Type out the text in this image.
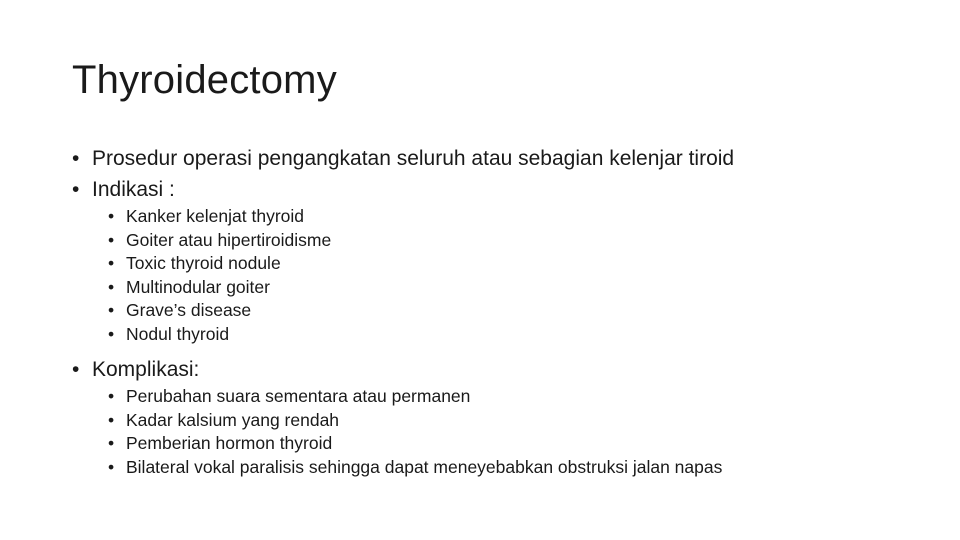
Thyroidectomy
• Prosedur operasi pengangkatan seluruh atau sebagian kelenjar tiroid
• Indikasi :
• Kanker kelenjat thyroid
• Goiter atau hipertiroidisme
• Toxic thyroid nodule
• Multinodular goiter
• Grave’s disease
• Nodul thyroid
• Komplikasi:
• Perubahan suara sementara atau permanen
• Kadar kalsium yang rendah
• Pemberian hormon thyroid
• Bilateral vokal paralisis sehingga dapat meneyebabkan obstruksi jalan napas
